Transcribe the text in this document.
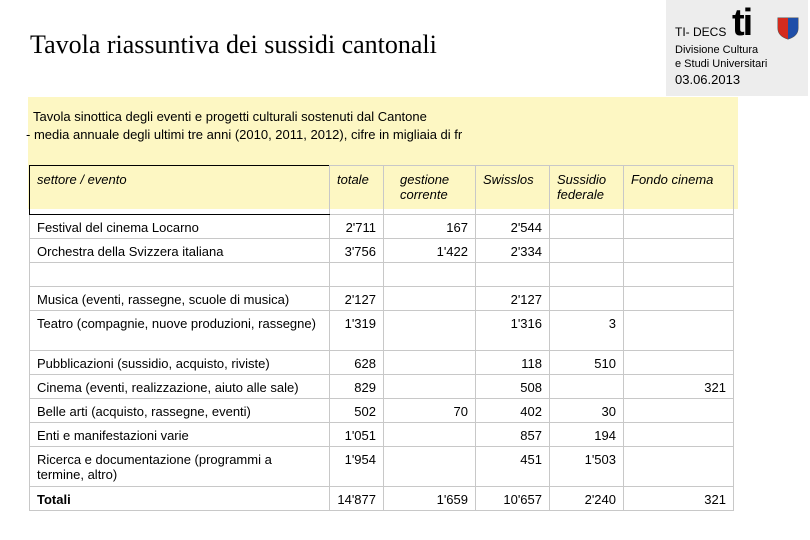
Tavola riassuntiva dei sussidi cantonali	TI- DECS ti
Divisione Cultura
e Studi Universitari
03.06.2013
Tavola sinottica degli eventi e progetti culturali sostenuti dal Cantone
- media annuale degli ultimi tre anni (2010, 2011, 2012), cifre in migliaia di fr
settore / evento	totale	gestione corrente	Swisslos	Sussidio federale	Fondo cinema
Festival del cinema Locarno	2'711	167	2'544		
Orchestra della Svizzera italiana	3'756	1'422	2'334		

Musica (eventi, rassegne, scuole di musica)	2'127		2'127		
Teatro (compagnie, nuove produzioni, rassegne)	1'319		1'316	3	
Pubblicazioni (sussidio, acquisto, riviste)	628		118	510	
Cinema (eventi, realizzazione, aiuto alle sale)	829		508		321
Belle arti (acquisto, rassegne, eventi)	502	70	402	30	
Enti e manifestazioni varie	1'051		857	194	
Ricerca e documentazione (programmi a termine, altro)	1'954		451	1'503	
Totali	14'877	1'659	10'657	2'240	321
